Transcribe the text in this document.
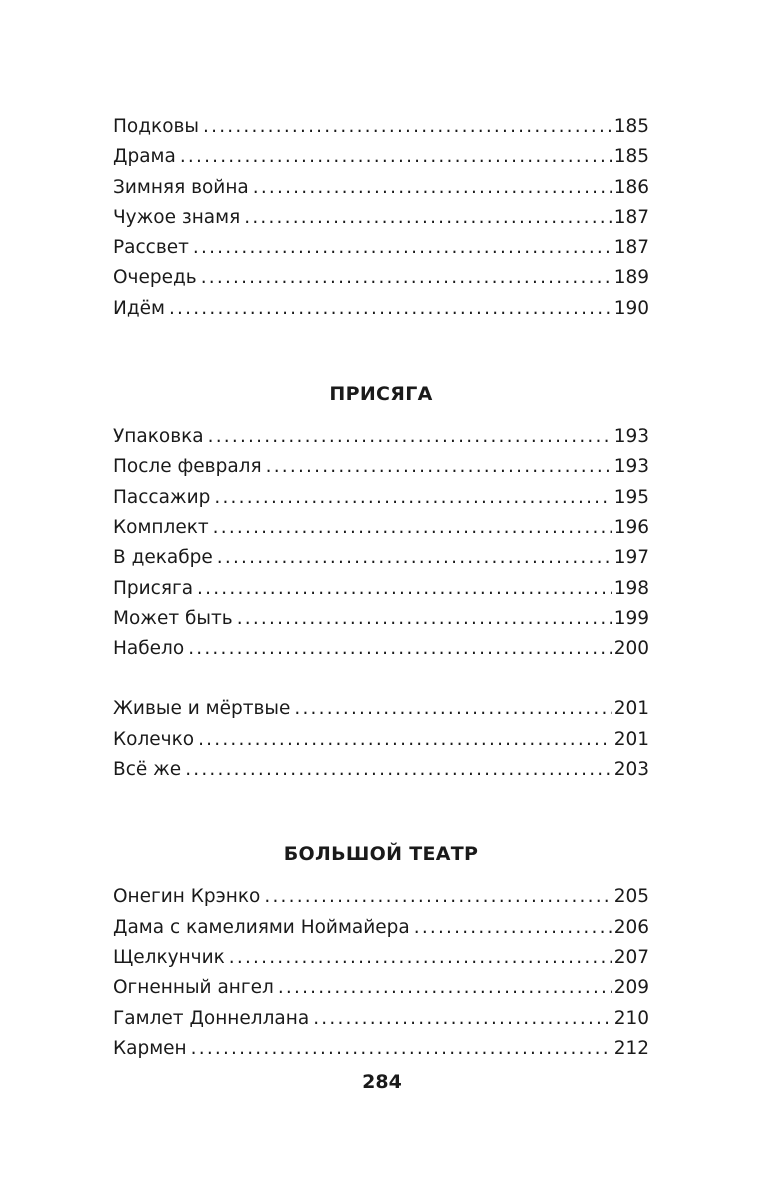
Подковы .....	185
Драма .....	185
Зимняя война .....	186
Чужое знамя .....	187
Рассвет .....	187
Очередь .....	189
Идём .....	190
ПРИСЯГА
Упаковка .....	193
После февраля .....	193
Пассажир .....	195
Комплект .....	196
В декабре .....	197
Присяга .....	198
Может быть .....	199
Набело .....	200
Живые и мёртвые .....	201
Колечко .....	201
Всё же .....	203
БОЛЬШОЙ ТЕАТР
Онегин Крэнко .....	205
Дама с камелиями Ноймайера .....	206
Щелкунчик .....	207
Огненный ангел .....	209
Гамлет Доннеллана .....	210
Кармен .....	212
284
